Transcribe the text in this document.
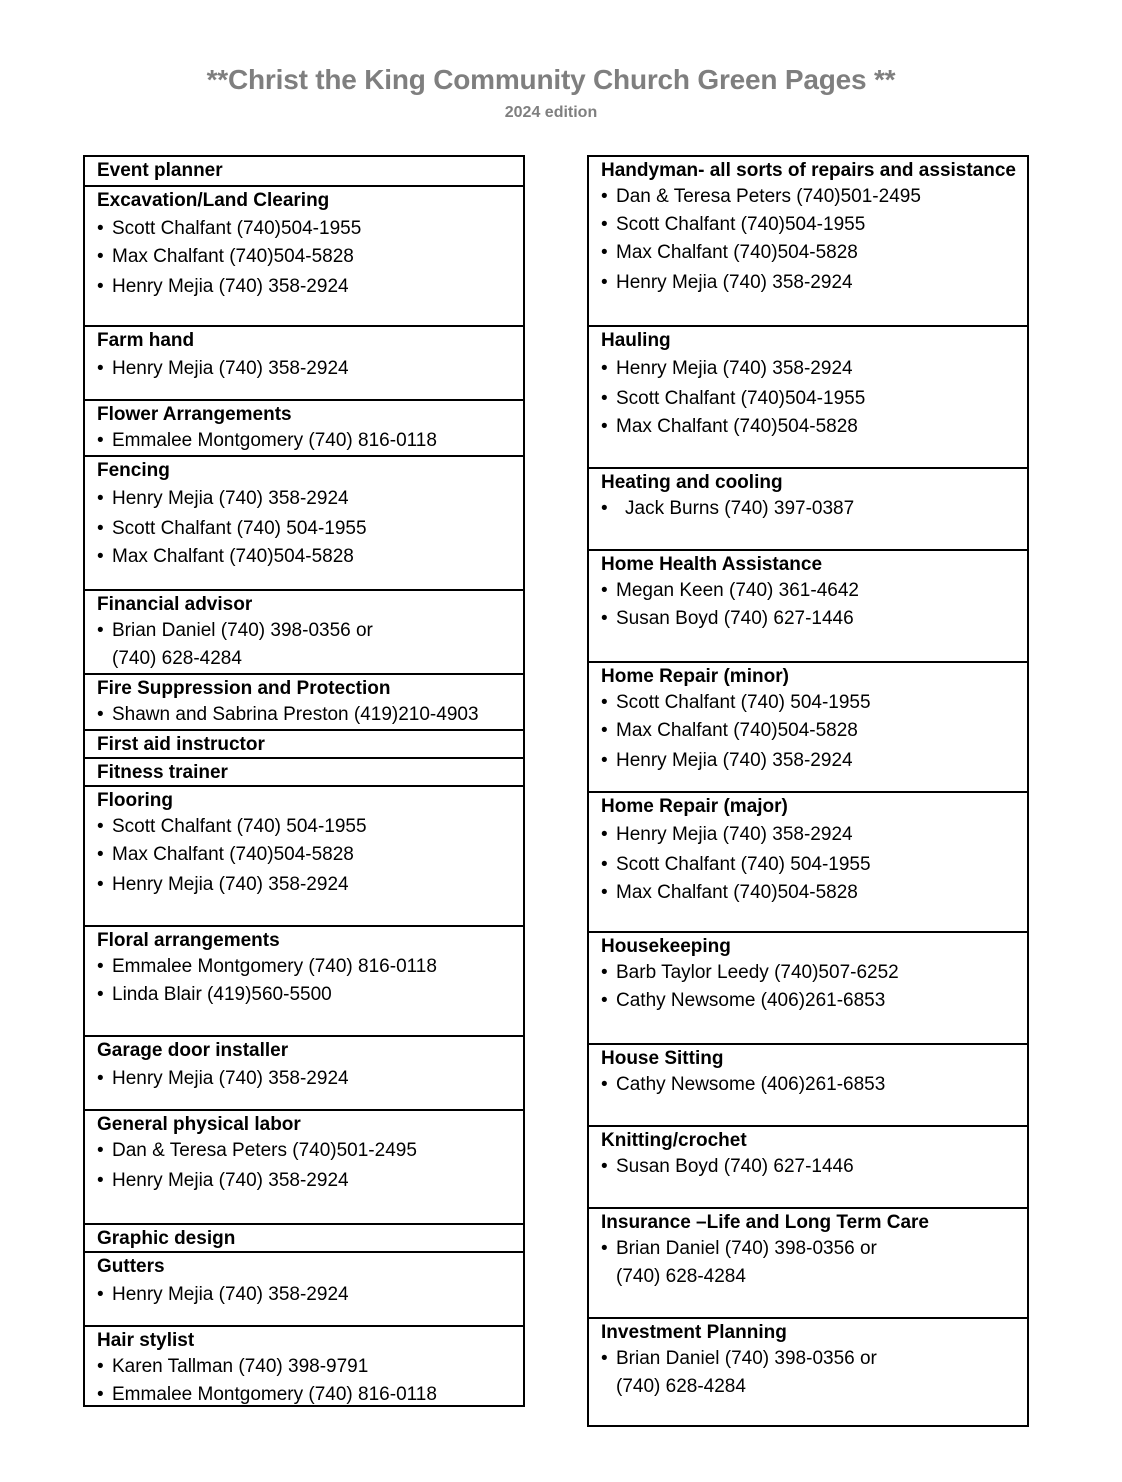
**Christ the King Community Church Green Pages **
2024 edition
Event planner
Excavation/Land Clearing
• Scott Chalfant (740)504-1955
• Max Chalfant (740)504-5828
• Henry Mejia (740) 358-2924
Farm hand
• Henry Mejia (740) 358-2924
Flower Arrangements
• Emmalee Montgomery (740) 816-0118
Fencing
• Henry Mejia (740) 358-2924
• Scott Chalfant (740) 504-1955
• Max Chalfant (740)504-5828
Financial advisor
• Brian Daniel (740) 398-0356 or
(740) 628-4284
Fire Suppression and Protection
• Shawn and Sabrina Preston (419)210-4903
First aid instructor
Fitness trainer
Flooring
• Scott Chalfant (740) 504-1955
• Max Chalfant (740)504-5828
• Henry Mejia (740) 358-2924
Floral arrangements
• Emmalee Montgomery (740) 816-0118
• Linda Blair (419)560-5500
Garage door installer
• Henry Mejia (740) 358-2924
General physical labor
• Dan & Teresa Peters (740)501-2495
• Henry Mejia (740) 358-2924
Graphic design
Gutters
• Henry Mejia (740) 358-2924
Hair stylist
• Karen Tallman (740) 398-9791
• Emmalee Montgomery (740) 816-0118
Handyman- all sorts of repairs and assistance
• Dan & Teresa Peters (740)501-2495
• Scott Chalfant (740)504-1955
• Max Chalfant (740)504-5828
• Henry Mejia (740) 358-2924
Hauling
• Henry Mejia (740) 358-2924
• Scott Chalfant (740)504-1955
• Max Chalfant (740)504-5828
Heating and cooling
• Jack Burns (740) 397-0387
Home Health Assistance
• Megan Keen (740) 361-4642
• Susan Boyd (740) 627-1446
Home Repair (minor)
• Scott Chalfant (740) 504-1955
• Max Chalfant (740)504-5828
• Henry Mejia (740) 358-2924
Home Repair (major)
• Henry Mejia (740) 358-2924
• Scott Chalfant (740) 504-1955
• Max Chalfant (740)504-5828
Housekeeping
• Barb Taylor Leedy (740)507-6252
• Cathy Newsome (406)261-6853
House Sitting
• Cathy Newsome (406)261-6853
Knitting/crochet
• Susan Boyd (740) 627-1446
Insurance –Life and Long Term Care
• Brian Daniel (740) 398-0356 or
(740) 628-4284
Investment Planning
• Brian Daniel (740) 398-0356 or
(740) 628-4284
